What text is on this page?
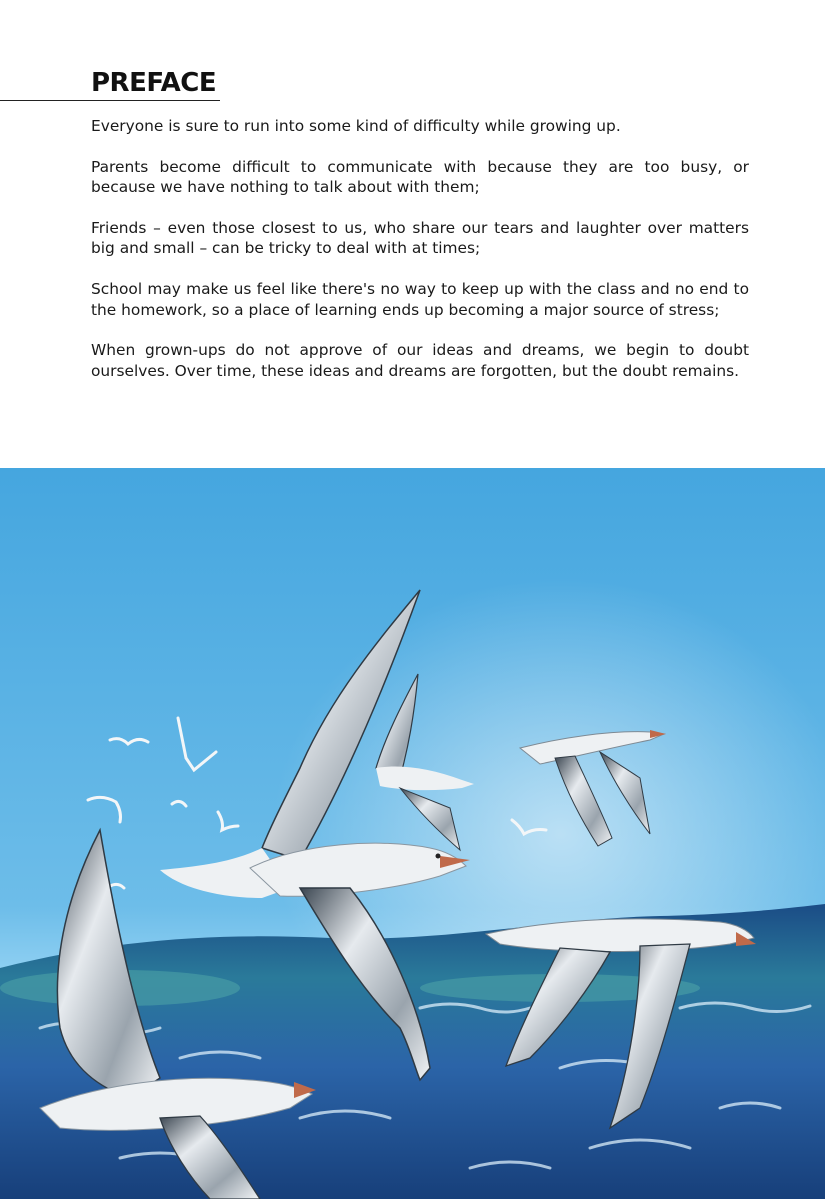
PREFACE

Everyone is sure to run into some kind of difficulty while growing up.

Parents become difficult to communicate with because they are too busy, or because we have nothing to talk about with them;

Friends – even those closest to us, who share our tears and laughter over matters big and small – can be tricky to deal with at times;

School may make us feel like there's no way to keep up with the class and no end to the homework, so a place of learning ends up becoming a major source of stress;

When grown-ups do not approve of our ideas and dreams, we begin to doubt ourselves. Over time, these ideas and dreams are forgotten, but the doubt remains.
